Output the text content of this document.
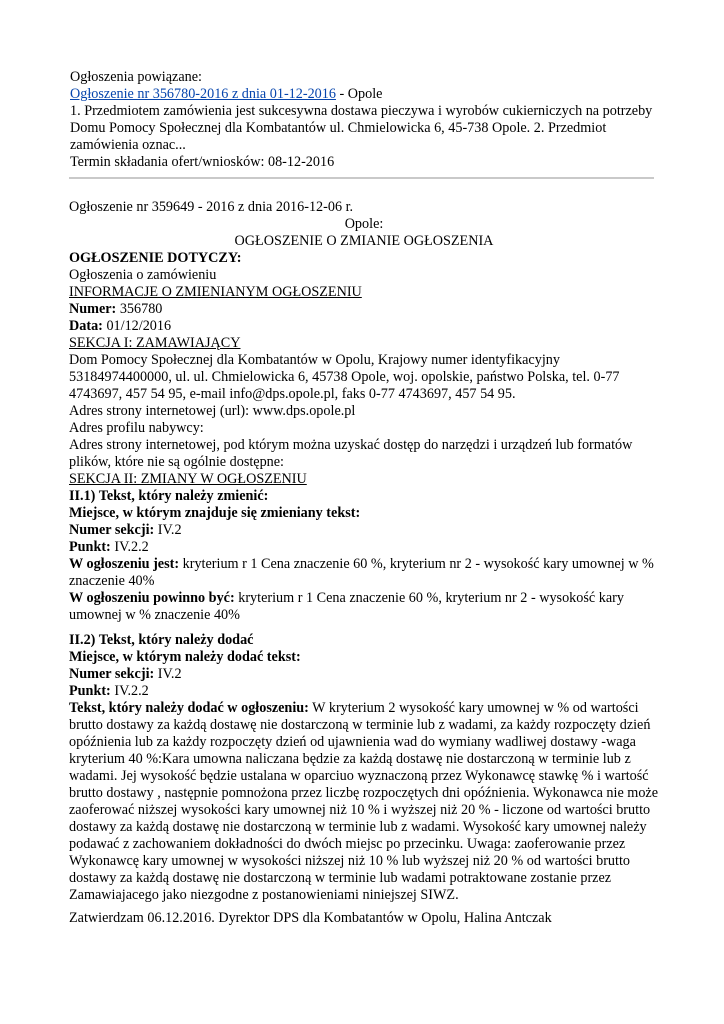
Ogłoszenia powiązane:

Ogłoszenie nr 356780-2016 z dnia 01-12-2016 - Opole

1. Przedmiotem zamówienia jest sukcesywna dostawa pieczywa i wyrobów cukierniczych na potrzeby Domu Pomocy Społecznej dla Kombatantów ul. Chmielowicka 6, 45-738 Opole. 2. Przedmiot zamówienia oznac...

Termin składania ofert/wniosków: 08-12-2016

Ogłoszenie nr 359649 - 2016 z dnia 2016-12-06 r.

Opole:

OGŁOSZENIE O ZMIANIE OGŁOSZENIA

OGŁOSZENIE DOTYCZY:

Ogłoszenia o zamówieniu

INFORMACJE O ZMIENIANYM OGŁOSZENIU

Numer: 356780

Data: 01/12/2016

SEKCJA I: ZAMAWIAJĄCY

Dom Pomocy Społecznej dla Kombatantów w Opolu, Krajowy numer identyfikacyjny 53184974400000, ul. ul. Chmielowicka 6, 45738 Opole, woj. opolskie, państwo Polska, tel. 0-77 4743697, 457 54 95, e-mail info@dps.opole.pl, faks 0-77 4743697, 457 54 95.

Adres strony internetowej (url): www.dps.opole.pl

Adres profilu nabywcy:

Adres strony internetowej, pod którym można uzyskać dostęp do narzędzi i urządzeń lub formatów plików, które nie są ogólnie dostępne:

SEKCJA II: ZMIANY W OGŁOSZENIU

II.1) Tekst, który należy zmienić:

Miejsce, w którym znajduje się zmieniany tekst:

Numer sekcji: IV.2

Punkt: IV.2.2

W ogłoszeniu jest: kryterium r 1 Cena znaczenie 60 %, kryterium nr 2 - wysokość kary umownej w % znaczenie 40%

W ogłoszeniu powinno być: kryterium r 1 Cena znaczenie 60 %, kryterium nr 2 - wysokość kary umownej w % znaczenie 40%

II.2) Tekst, który należy dodać

Miejsce, w którym należy dodać tekst:

Numer sekcji: IV.2

Punkt: IV.2.2

Tekst, który należy dodać w ogłoszeniu: W kryterium 2 wysokość kary umownej w % od wartości brutto dostawy za każdą dostawę nie dostarczoną w terminie lub z wadami, za każdy rozpoczęty dzień opóźnienia lub za każdy rozpoczęty dzień od ujawnienia wad do wymiany wadliwej dostawy -waga kryterium 40 %:Kara umowna naliczana będzie za każdą dostawę nie dostarczoną w terminie lub z wadami. Jej wysokość będzie ustalana w oparciuo wyznaczoną przez Wykonawcę stawkę % i wartość brutto dostawy , następnie pomnożona przez liczbę rozpoczętych dni opóźnienia. Wykonawca nie może zaoferować niższej wysokości kary umownej niż 10 % i wyższej niż 20 % - liczone od wartości brutto dostawy za każdą dostawę nie dostarczoną w terminie lub z wadami. Wysokość kary umownej należy podawać z zachowaniem dokładności do dwóch miejsc po przecinku. Uwaga: zaoferowanie przez Wykonawcę kary umownej w wysokości niższej niż 10 % lub wyższej niż 20 % od wartości brutto dostawy za każdą dostawę nie dostarczoną w terminie lub wadami potraktowane zostanie przez Zamawiajacego jako niezgodne z postanowieniami niniejszej SIWZ.

Zatwierdzam 06.12.2016. Dyrektor DPS dla Kombatantów w Opolu, Halina Antczak
